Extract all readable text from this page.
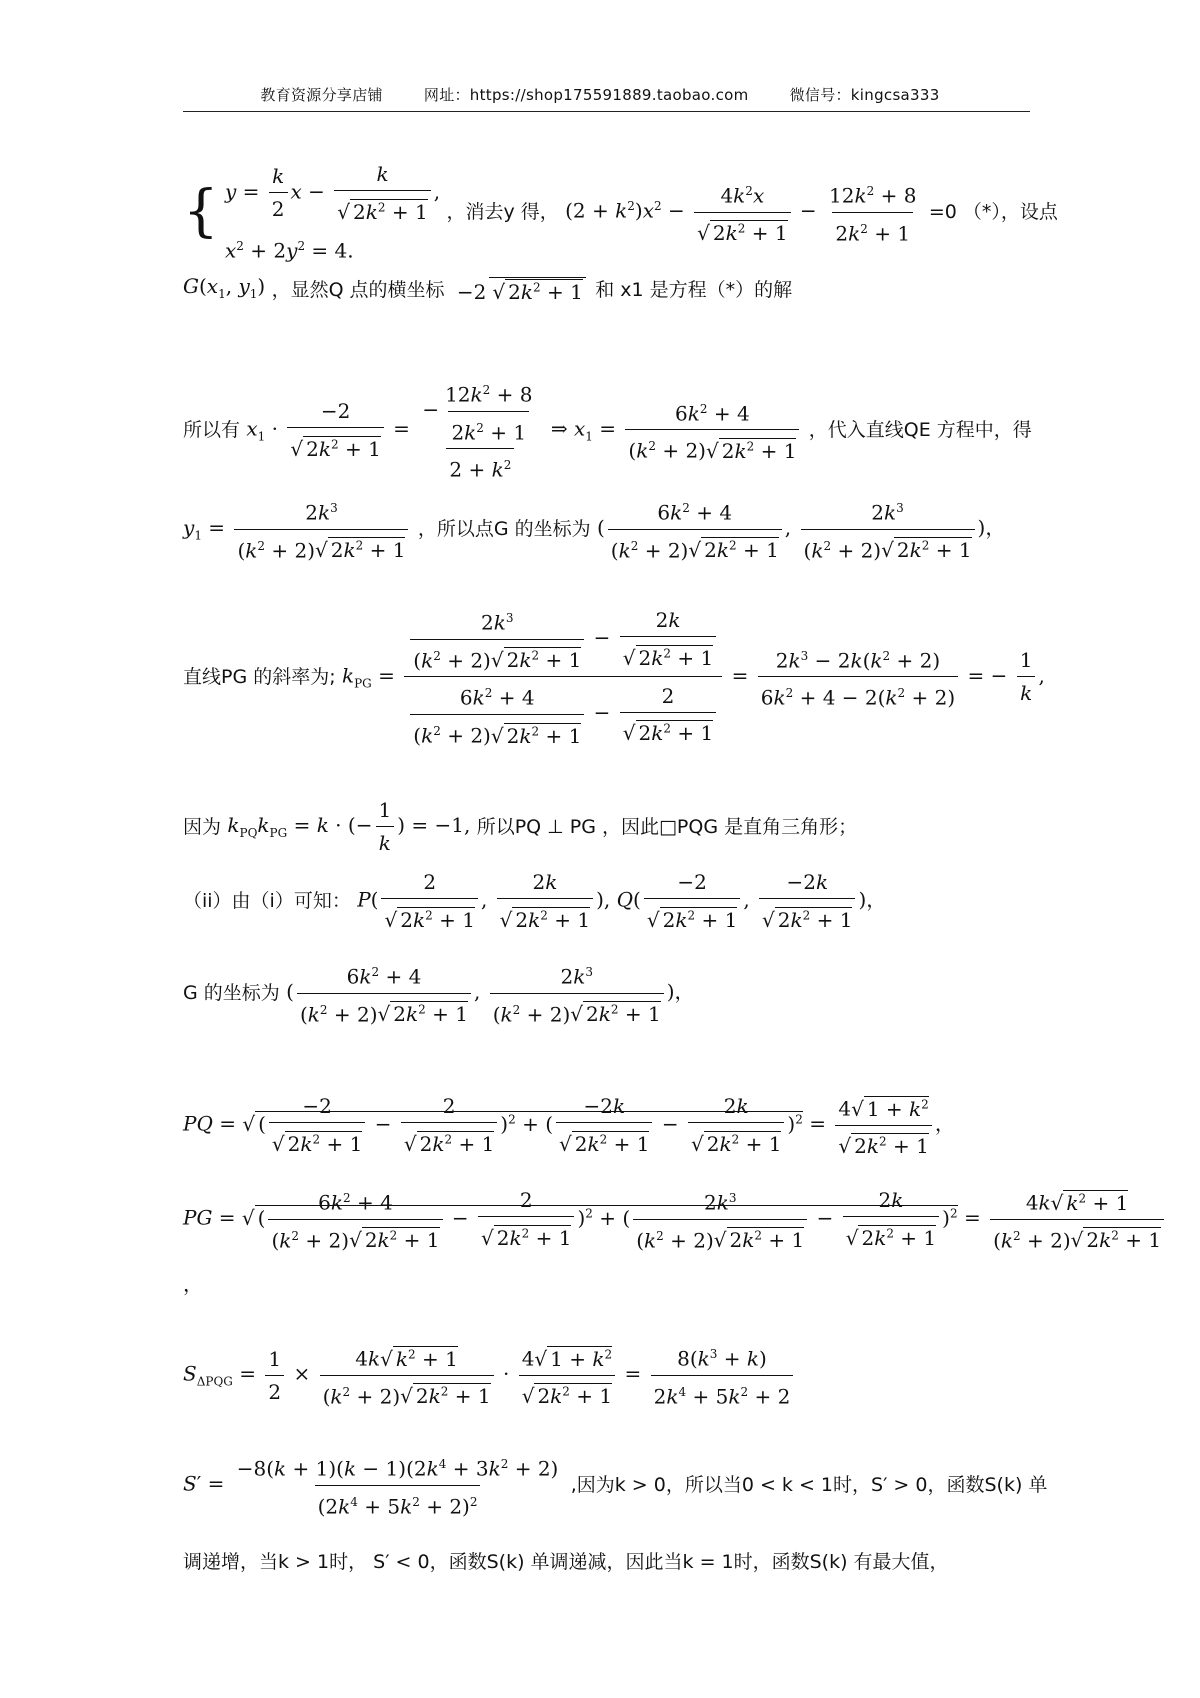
教育资源分享店铺	网址：https://shop175591889.taobao.com	微信号：kingcsa333
{ $y = \frac{k}{2}$ x − k
√ $2k^2 + 1$ ,
$x^2 + 2y^2 = 4$.
，消去y 得， $(2 + k^2)x^2 - 4k^2x$
√ $2k^2 + 1 - \frac{12k^2 + 8}{2k^2 + 1} =0$ （*），设点
$G(x_1$, $y_1$) ，显然Q 点的横坐标 −2√ $2k^2 + 1$ 和 x1 是方程（*）的解
所以有 $x_1 \cdot -2$
√ $2k^2 + 1 = \frac{- \frac{12k^2 + 8}{2k^2 + 1}}{2 + k^2}$ ⇒ $x_1 = \frac{6k^2 + 4}{(k^2 + 2)√ 2k^2 + 1}$ ，代入直线QE 方程中，得
$y_1 = \frac{2k^3}{(k^2 + 2)√ 2k^2 + 1}$ ，所以点G 的坐标为 ( $\frac{6k^2 + 4}{(k^2 + 2)√ 2k^2 + 1}$ , $\frac{2k^3}{(k^2 + 2)√ 2k^2 + 1}$ )，
直线PG 的斜率为; $k_{PG} = \frac{2k^3}{(k^2 + 2)√ 2k^2 + 1} - 2k$
√ $2k^2 + 1$
$\frac{6k^2 + 4}{(k^2 + 2)√ 2k^2 + 1} - 2$
√ $2k^2 + 1 = \frac{2k^3 - 2k(k^2 + 2)}{6k^2 + 4 - 2(k^2 + 2)}$ = − $\frac{1}{k}$ ,
因为 $k_{PQ}k_{PG} = k$ · (− $\frac{1}{k}$ ) = −1, 所以PQ ⊥ PG ，因此□PQG 是直角三角形；
（ii）由（i）可知： P( 2
√ $2k^2 + 1$ , 2k
√ $2k^2 + 1$ ), Q( −2
√ $2k^2 + 1$ , −2k
√ $2k^2 + 1$ )，
G 的坐标为 ( $\frac{6k^2 + 4}{(k^2 + 2)√ 2k^2 + 1}$ , $\frac{2k^3}{(k^2 + 2)√ 2k^2 + 1}$ )，
PQ = √ ( −2
√ $2k^2 + 1 - 2$
√ $2k^2 + 1$ )$^2$ + ( −2k
√ $2k^2 + 1 - 2k$
√ $2k^2 + 1$ )$^2$ = 4√ $1 + k^2$
√ $2k^2 + 1$ ，
PG = √ ( $\frac{6k^2 + 4}{(k^2 + 2)√ 2k^2 + 1} - 2$
√ $2k^2 + 1$ )$^2$ + ( $\frac{2k^3}{(k^2 + 2)√ 2k^2 + 1} - 2k$
√ $2k^2 + 1$ )$^2 = \frac{4k√ k^2 + 1}{(k^2 + 2)√ 2k^2 + 1}$
，
$S_{\Delta PQG} = \frac{1}{2} \times \frac{4k√ k^2 + 1}{(k^2 + 2)√ 2k^2 + 1} \cdot 4√$ $1 + k^2$
√ $2k^2 + 1 = \frac{8(k^3 + k)}{2k^4 + 5k^2 + 2}$
$S' = \frac{-8(k + 1)(k - 1)(2k^4 + 3k^2 + 2)}{(2k^4 + 5k^2 + 2)^2}$ ,因为k > 0，所以当0 < k < 1时，S′ > 0，函数S(k) 单
调递增，当k > 1时， S′ < 0，函数S(k) 单调递减，因此当k = 1时，函数S(k) 有最大值，
